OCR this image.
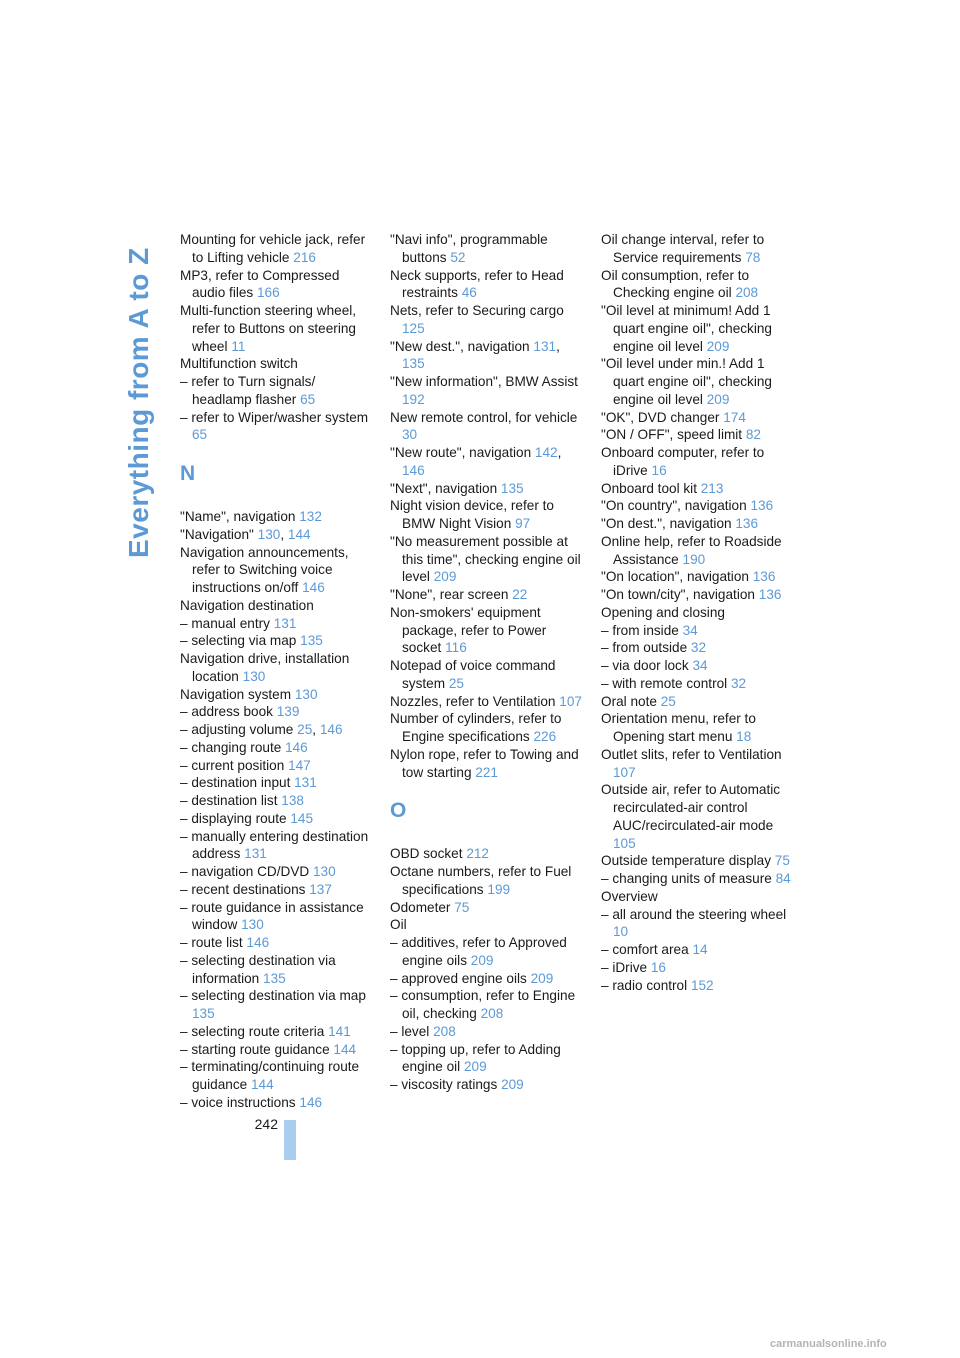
Everything from A to Z

Mounting for vehicle jack, refer to Lifting vehicle 216

MP3, refer to Compressed audio files 166

Multi-function steering wheel, refer to Buttons on steering wheel 11

Multifunction switch

– refer to Turn signals/ headlamp flasher 65

– refer to Wiper/washer system 65

N

"Name", navigation 132

"Navigation" 130, 144

Navigation announcements, refer to Switching voice instructions on/off 146

Navigation destination

– manual entry 131

– selecting via map 135

Navigation drive, installation location 130

Navigation system 130

– address book 139

– adjusting volume 25, 146

– changing route 146

– current position 147

– destination input 131

– destination list 138

– displaying route 145

– manually entering destination address 131

– navigation CD/DVD 130

– recent destinations 137

– route guidance in assistance window 130

– route list 146

– selecting destination via information 135

– selecting destination via map 135

– selecting route criteria 141

– starting route guidance 144

– terminating/continuing route guidance 144

– voice instructions 146

"Navi info", programmable buttons 52

Neck supports, refer to Head restraints 46

Nets, refer to Securing cargo 125

"New dest.", navigation 131, 135

"New information", BMW Assist 192

New remote control, for vehicle 30

"New route", navigation 142, 146

"Next", navigation 135

Night vision device, refer to BMW Night Vision 97

"No measurement possible at this time", checking engine oil level 209

"None", rear screen 22

Non-smokers' equipment package, refer to Power socket 116

Notepad of voice command system 25

Nozzles, refer to Ventilation 107

Number of cylinders, refer to Engine specifications 226

Nylon rope, refer to Towing and tow starting 221

O

OBD socket 212

Octane numbers, refer to Fuel specifications 199

Odometer 75

Oil

– additives, refer to Approved engine oils 209

– approved engine oils 209

– consumption, refer to Engine oil, checking 208

– level 208

– topping up, refer to Adding engine oil 209

– viscosity ratings 209

Oil change interval, refer to Service requirements 78

Oil consumption, refer to Checking engine oil 208

"Oil level at minimum! Add 1 quart engine oil", checking engine oil level 209

"Oil level under min.! Add 1 quart engine oil", checking engine oil level 209

"OK", DVD changer 174

"ON / OFF", speed limit 82

Onboard computer, refer to iDrive 16

Onboard tool kit 213

"On country", navigation 136

"On dest.", navigation 136

Online help, refer to Roadside Assistance 190

"On location", navigation 136

"On town/city", navigation 136

Opening and closing

– from inside 34

– from outside 32

– via door lock 34

– with remote control 32

Oral note 25

Orientation menu, refer to Opening start menu 18

Outlet slits, refer to Ventilation 107

Outside air, refer to Automatic recirculated-air control AUC/recirculated-air mode 105

Outside temperature display 75

– changing units of measure 84

Overview

– all around the steering wheel 10

– comfort area 14

– iDrive 16

– radio control 152

242
carmanualsonline.info
